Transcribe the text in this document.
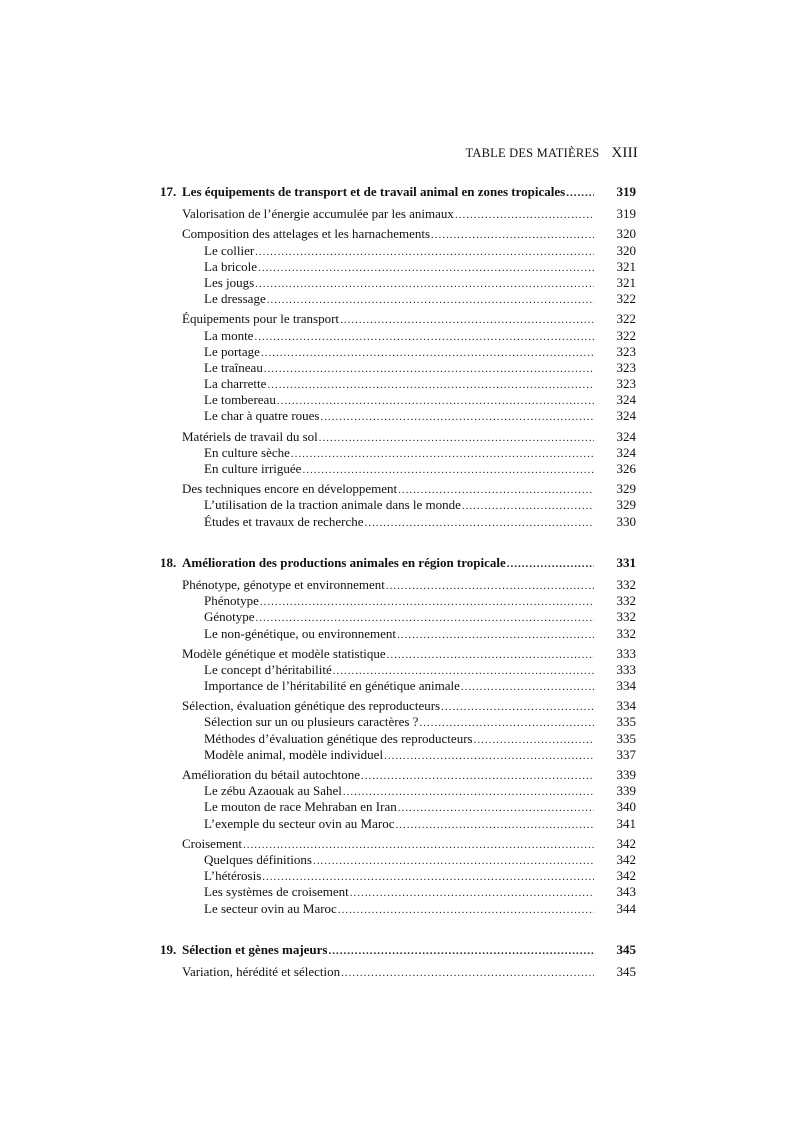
TABLE DES MATIÈRES XIII
17. Les équipements de transport et de travail animal en zones tropicales .....	319
Valorisation de l’énergie accumulée par les animaux .....	319
Composition des attelages et les harnachements .....	320
Le collier .....	320
La bricole .....	321
Les jougs .....	321
Le dressage .....	322
Équipements pour le transport .....	322
La monte .....	322
Le portage .....	323
Le traîneau .....	323
La charrette .....	323
Le tombereau .....	324
Le char à quatre roues .....	324
Matériels de travail du sol .....	324
En culture sèche .....	324
En culture irriguée .....	326
Des techniques encore en développement .....	329
L’utilisation de la traction animale dans le monde .....	329
Études et travaux de recherche .....	330
18. Amélioration des productions animales en région tropicale .....	331
Phénotype, génotype et environnement .....	332
Phénotype .....	332
Génotype .....	332
Le non-génétique, ou environnement .....	332
Modèle génétique et modèle statistique .....	333
Le concept d’héritabilité .....	333
Importance de l’héritabilité en génétique animale .....	334
Sélection, évaluation génétique des reproducteurs .....	334
Sélection sur un ou plusieurs caractères ? .....	335
Méthodes d’évaluation génétique des reproducteurs .....	335
Modèle animal, modèle individuel .....	337
Amélioration du bétail autochtone .....	339
Le zébu Azaouak au Sahel .....	339
Le mouton de race Mehraban en Iran .....	340
L’exemple du secteur ovin au Maroc .....	341
Croisement .....	342
Quelques définitions .....	342
L’hétérosis .....	342
Les systèmes de croisement .....	343
Le secteur ovin au Maroc .....	344
19. Sélection et gènes majeurs .....	345
Variation, hérédité et sélection .....	345
